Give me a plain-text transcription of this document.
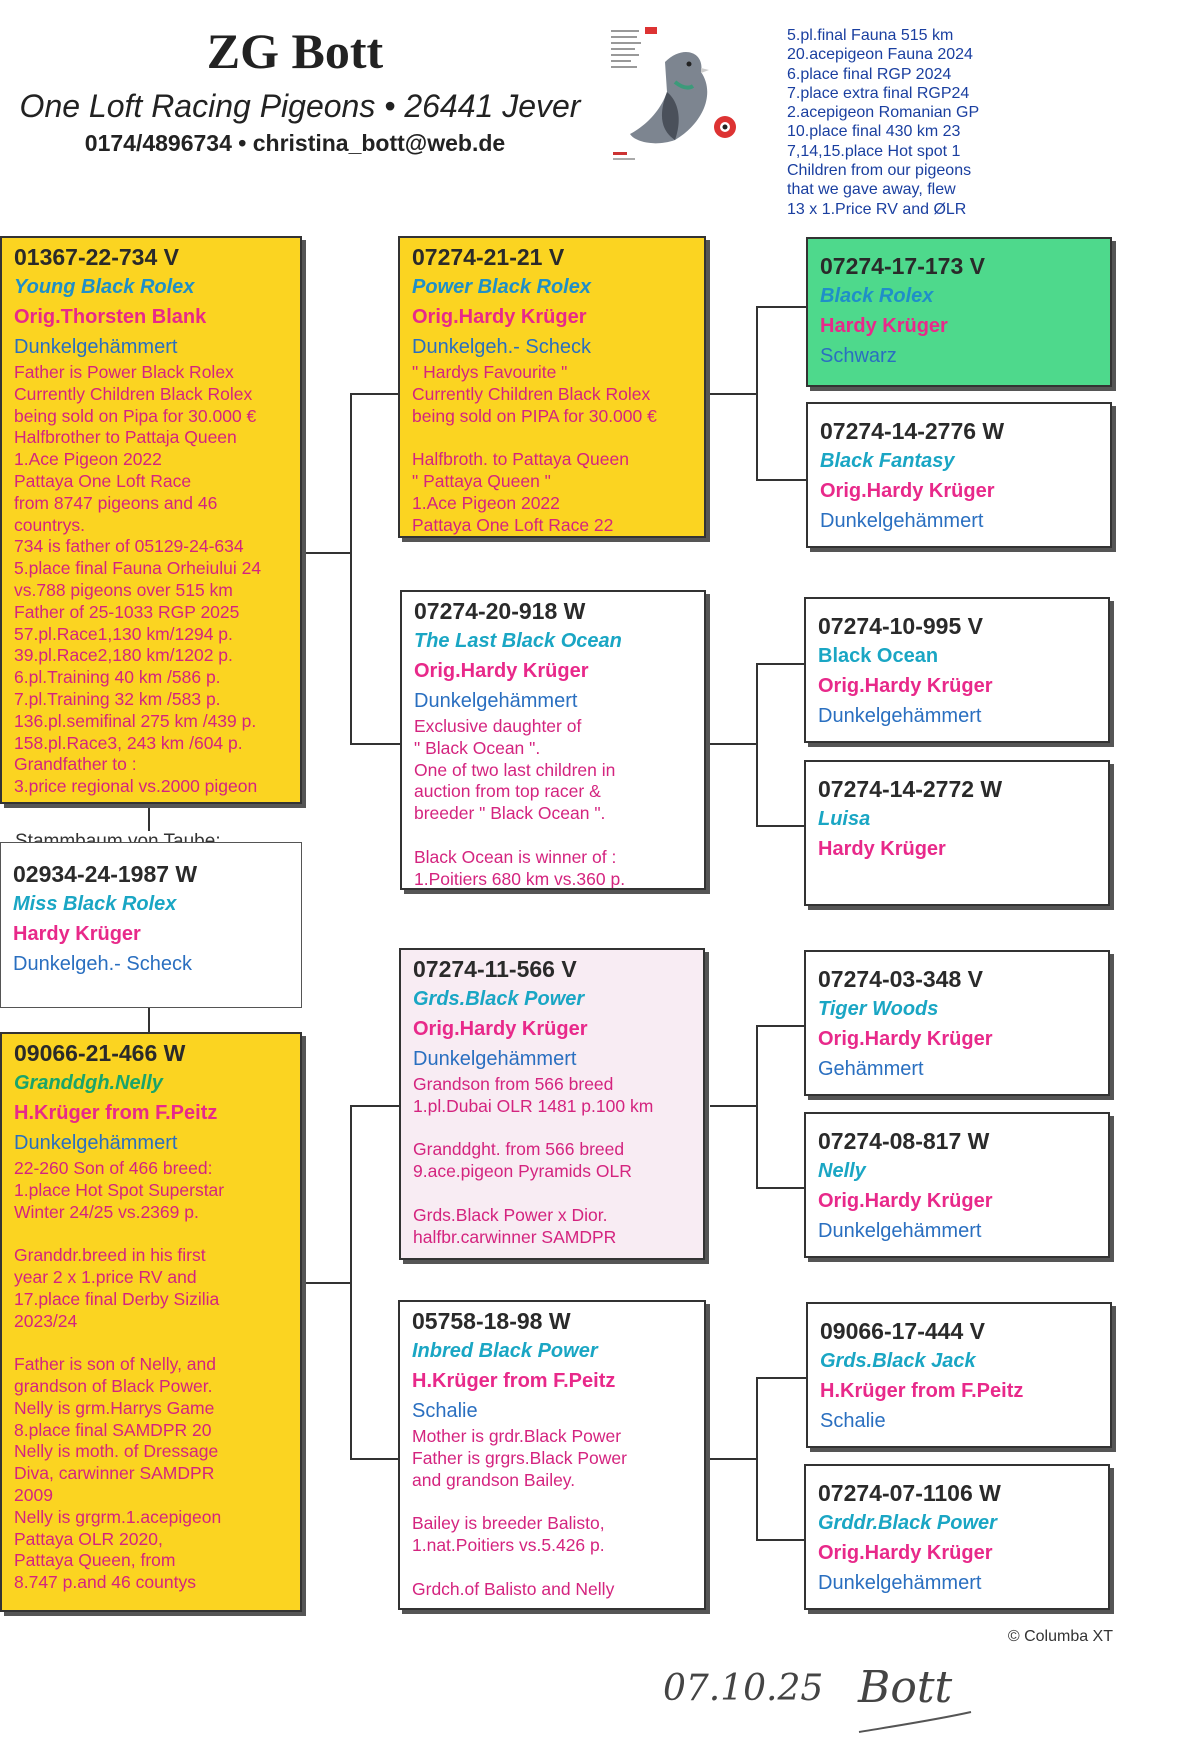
ZG Bott
One Loft Racing Pigeons • 26441 Jever
0174/4896734 • christina_bott@web.de
5.pl.final Fauna 515 km
20.acepigeon Fauna 2024
6.place final RGP 2024
7.place extra final RGP24
2.acepigeon Romanian GP
10.place final 430 km 23
7,14,15.place Hot spot 1
Children from our pigeons
that we gave away, flew
13 x 1.Price RV and ØLR
01367-22-734 V
Young Black Rolex
Orig.Thorsten Blank
Dunkelgehämmert
Father is Power Black Rolex
Currently Children Black Rolex
being sold on Pipa for 30.000 €
Halfbrother to Pattaja Queen
1.Ace Pigeon 2022
Pattaya One Loft Race
from 8747 pigeons and 46
countrys.
734 is father of 05129-24-634
5.place final Fauna Orheiului 24
vs.788 pigeons over 515 km
Father of 25-1033 RGP 2025
57.pl.Race1,130 km/1294 p.
39.pl.Race2,180 km/1202 p.
6.pl.Training 40 km /586 p.
7.pl.Training 32 km /583 p.
136.pl.semifinal 275 km /439 p.
158.pl.Race3, 243 km /604 p.
Grandfather to :
3.price regional vs.2000 pigeon
02934-24-1987 W
Miss Black Rolex
Hardy Krüger
Dunkelgeh.- Scheck
09066-21-466 W
Granddgh.Nelly
H.Krüger from F.Peitz
Dunkelgehämmert
22-260 Son of 466 breed:
1.place Hot Spot Superstar
Winter 24/25 vs.2369 p.

Granddr.breed in his first
year 2 x 1.price RV and
17.place final Derby Sizilia
2023/24

Father is son of Nelly, and
grandson of Black Power.
Nelly is grm.Harrys Game
8.place final SAMDPR 20
Nelly is moth. of Dressage
Diva, carwinner SAMDPR
2009
Nelly is grgrm.1.acepigeon
Pattaya OLR 2020,
Pattaya Queen, from
8.747 p.and 46 countys
07274-21-21 V
Power Black Rolex
Orig.Hardy Krüger
Dunkelgeh.- Scheck
" Hardys Favourite "
Currently Children Black Rolex
being sold on PIPA for 30.000 €

Halfbroth. to Pattaya Queen
" Pattaya Queen "
1.Ace Pigeon 2022
Pattaya One Loft Race 22
07274-20-918 W
The Last Black Ocean
Orig.Hardy Krüger
Dunkelgehämmert
Exclusive daughter of
" Black Ocean ".
One of two last children in
auction from top racer &
breeder " Black Ocean ".

Black Ocean is winner of :
1.Poitiers 680 km vs.360 p.
07274-11-566 V
Grds.Black Power
Orig.Hardy Krüger
Dunkelgehämmert
Grandson from 566 breed
1.pl.Dubai OLR 1481 p.100 km

Granddght. from 566 breed
9.ace.pigeon Pyramids OLR

Grds.Black Power x Dior.
halfbr.carwinner SAMDPR
05758-18-98 W
Inbred Black Power
H.Krüger from F.Peitz
Schalie
Mother is grdr.Black Power
Father is grgrs.Black Power
and grandson Bailey.

Bailey is breeder Balisto,
1.nat.Poitiers vs.5.426 p.

Grdch.of Balisto and Nelly
07274-17-173 V
Black Rolex
Hardy Krüger
Schwarz
07274-14-2776 W
Black Fantasy
Orig.Hardy Krüger
Dunkelgehämmert
07274-10-995 V
Black Ocean
Orig.Hardy Krüger
Dunkelgehämmert
07274-14-2772 W
Luisa
Hardy Krüger
07274-03-348 V
Tiger Woods
Orig.Hardy Krüger
Gehämmert
07274-08-817 W
Nelly
Orig.Hardy Krüger
Dunkelgehämmert
09066-17-444 V
Grds.Black Jack
H.Krüger from F.Peitz
Schalie
07274-07-1106 W
Grddr.Black Power
Orig.Hardy Krüger
Dunkelgehämmert
© Columba XT
07.10.25 Bott
